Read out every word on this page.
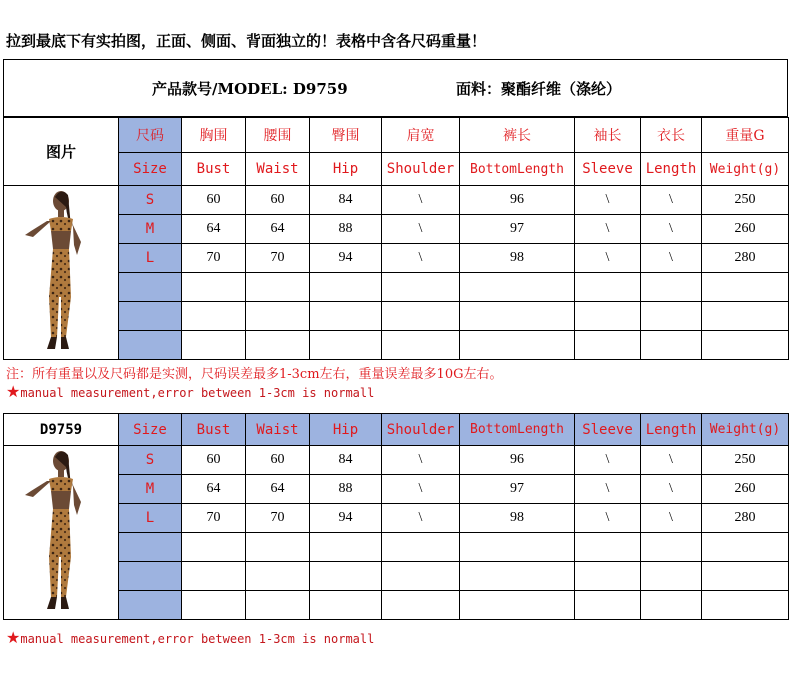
拉到最底下有实拍图，正面、侧面、背面独立的！表格中含各尺码重量！
产品款号/MODEL: D9759	面料：聚酯纤维（涤纶）
图片	尺码	胸围	腰围	臀围	肩宽	裤长	袖长	衣长	重量G
	Size	Bust	Waist	Hip	Shoulder	BottomLength	Sleeve	Length	Weight(g)
	S	60	60	84	\	96	\	\	250
	M	64	64	88	\	97	\	\	260
	L	70	70	94	\	98	\	\	280

注：所有重量以及尺码都是实测，尺码误差最多1-3cm左右，重量误差最多10G左右。
★manual measurement,error between 1-3cm is normall
D9759	Size	Bust	Waist	Hip	Shoulder	BottomLength	Sleeve	Length	Weight(g)
	S	60	60	84	\	96	\	\	250
	M	64	64	88	\	97	\	\	260
	L	70	70	94	\	98	\	\	280

★manual measurement,error between 1-3cm is normall
